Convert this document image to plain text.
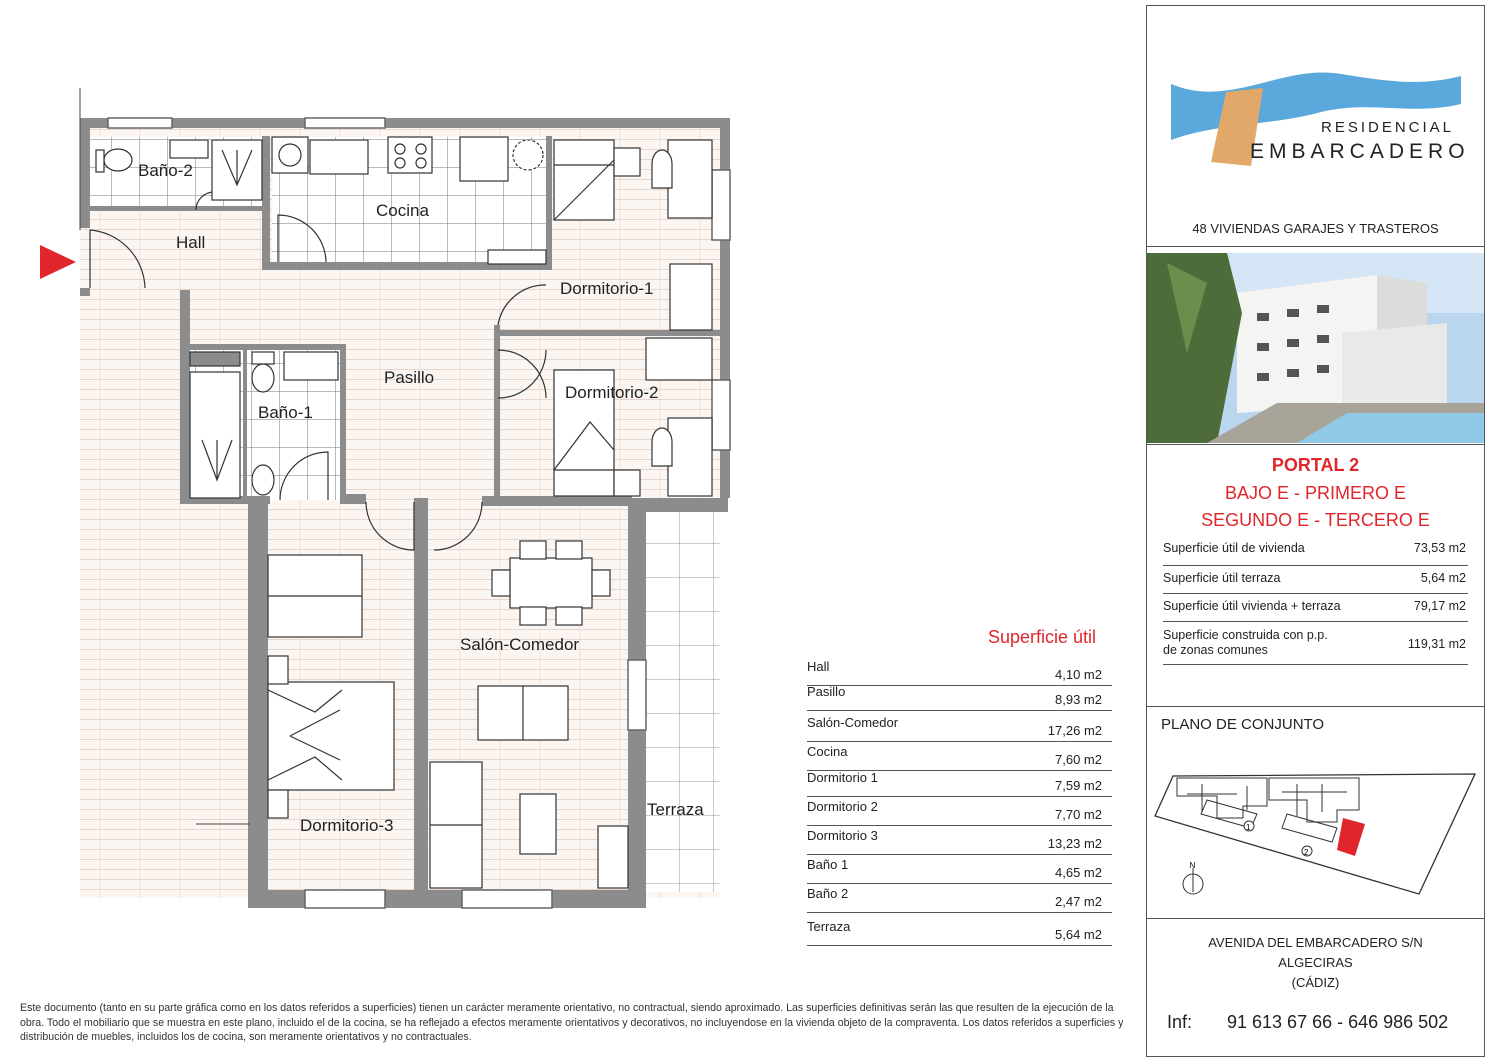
Baño-2
Cocina
Hall
Dormitorio-1
Pasillo
Dormitorio-2
Baño-1
Salón-Comedor
Dormitorio-3
Terraza
Superficie útil
Hall
4,10 m2
Pasillo
8,93 m2
Salón-Comedor
17,26 m2
Cocina
7,60 m2
Dormitorio 1
7,59 m2
Dormitorio 2
7,70 m2
Dormitorio 3
13,23 m2
Baño 1
4,65 m2
Baño 2
2,47 m2
Terraza
5,64 m2
RESIDENCIAL
EMBARCADERO
48 VIVIENDAS GARAJES Y TRASTEROS
PORTAL 2
BAJO E - PRIMERO E
SEGUNDO E - TERCERO E
Superficie útil de vivienda	73,53 m2
Superficie útil terraza	5,64 m2
Superficie útil vivienda + terraza	79,17 m2
Superficie construida con p.p. de zonas comunes	119,31 m2
PLANO DE CONJUNTO
1
2
N
AVENIDA DEL EMBARCADERO S/N
ALGECIRAS
(CÁDIZ)
Inf: 91 613 67 66 - 646 986 502
Este documento (tanto en su parte gráfica como en los datos referidos a superficies) tienen un carácter meramente orientativo, no contractual, siendo aproximado. Las superficies definitivas serán las que resulten de la ejecución de la obra. Todo el mobiliario que se muestra en este plano, incluido el de la cocina, se ha reflejado a efectos meramente orientativos y decorativos, no incluyendose en la vivienda objeto de la compraventa. Los datos referidos a superficies y distribución de muebles, incluidos los de cocina, son meramente orientativos y no contractuales.
